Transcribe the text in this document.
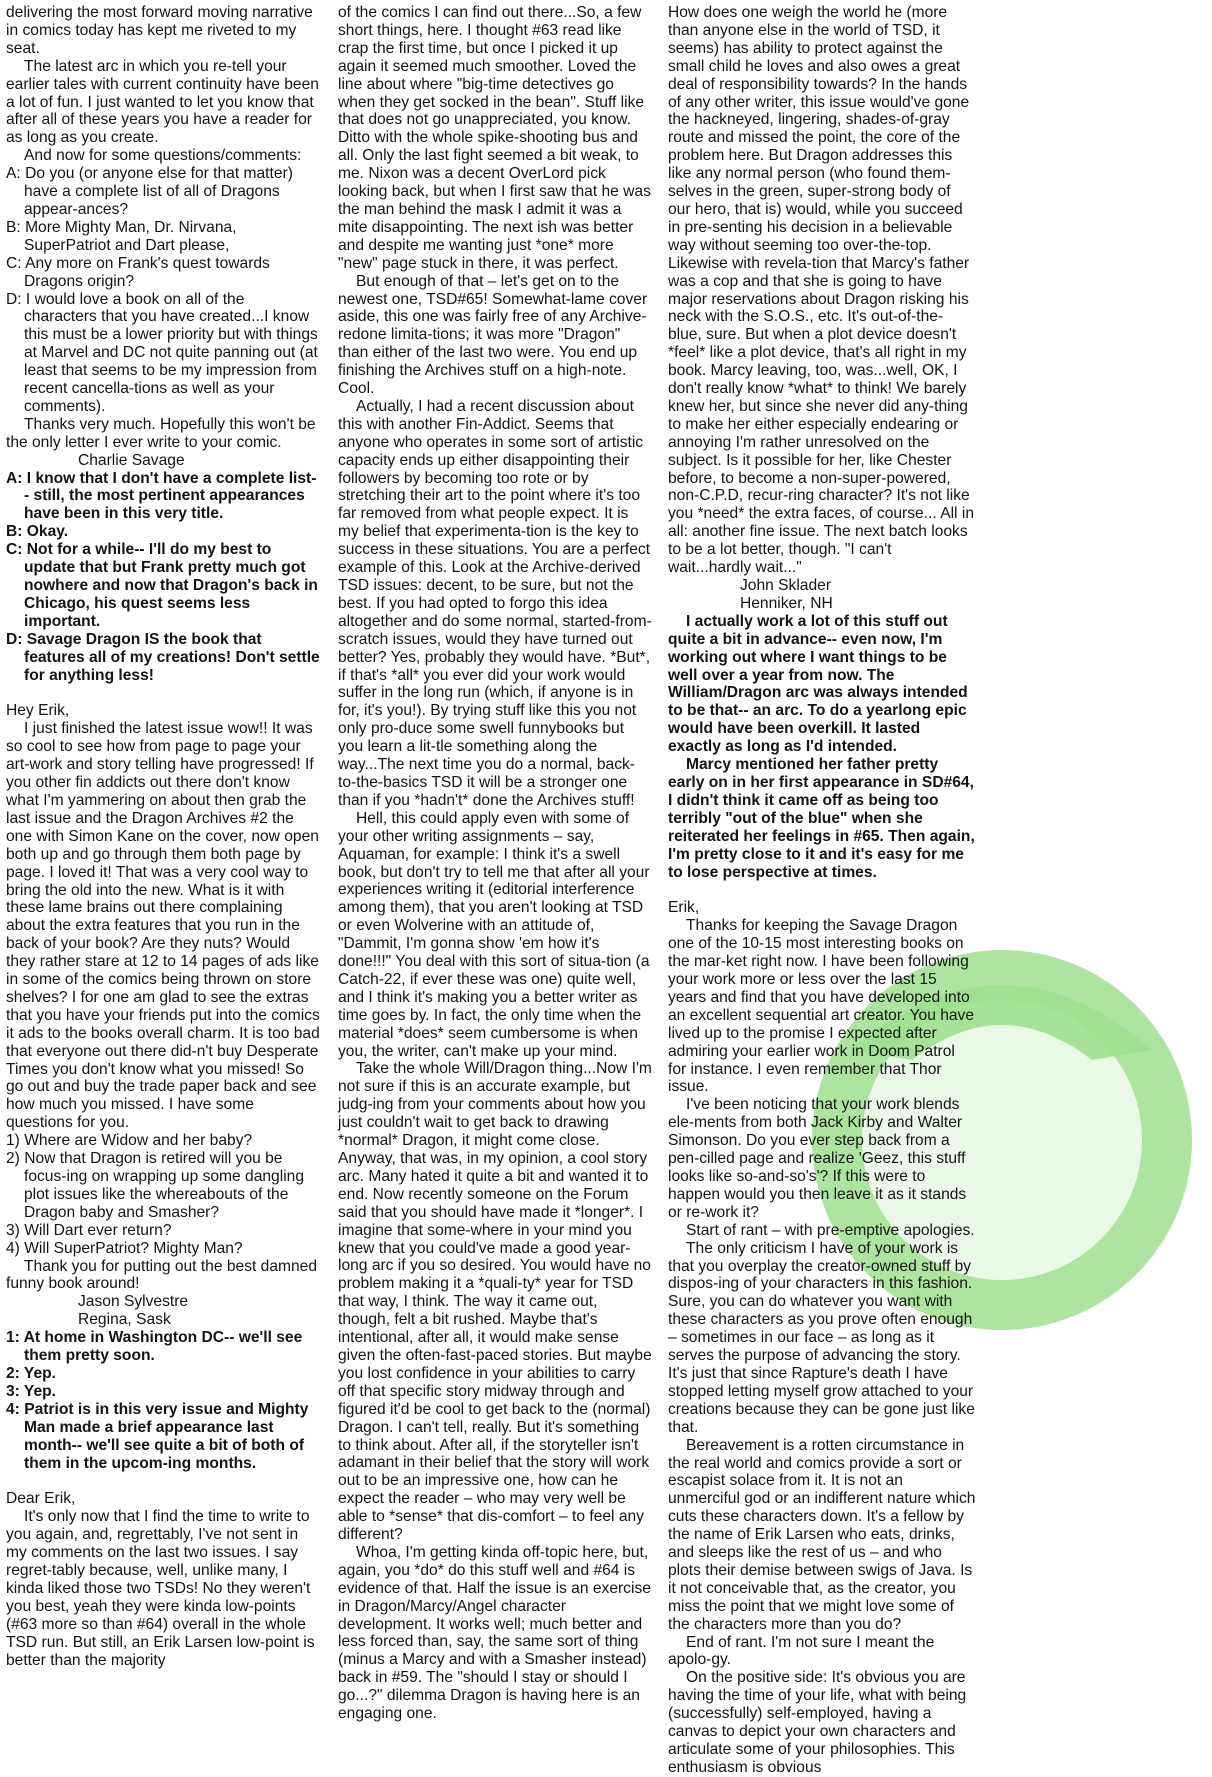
delivering the most forward moving narrative in comics today has kept me riveted to my seat.

The latest arc in which you re-tell your earlier tales with current continuity have been a lot of fun. I just wanted to let you know that after all of these years you have a reader for as long as you create.

And now for some questions/comments:

A: Do you (or anyone else for that matter) have a complete list of all of Dragons appear-ances?

B: More Mighty Man, Dr. Nirvana, SuperPatriot and Dart please,

C: Any more on Frank's quest towards Dragons origin?

D: I would love a book on all of the characters that you have created...I know this must be a lower priority but with things at Marvel and DC not quite panning out (at least that seems to be my impression from recent cancella-tions as well as your comments).

Thanks very much. Hopefully this won't be the only letter I ever write to your comic.

Charlie Savage

A: I know that I don't have a complete list-- still, the most pertinent appearances have been in this very title.

B: Okay.

C: Not for a while-- I'll do my best to update that but Frank pretty much got nowhere and now that Dragon's back in Chicago, his quest seems less important.

D: Savage Dragon IS the book that features all of my creations! Don't settle for anything less!

Hey Erik,

I just finished the latest issue wow!! It was so cool to see how from page to page your art-work and story telling have progressed! If you other fin addicts out there don't know what I'm yammering on about then grab the last issue and the Dragon Archives #2 the one with Simon Kane on the cover, now open both up and go through them both page by page. I loved it! That was a very cool way to bring the old into the new. What is it with these lame brains out there complaining about the extra features that you run in the back of your book? Are they nuts? Would they rather stare at 12 to 14 pages of ads like in some of the comics being thrown on store shelves? I for one am glad to see the extras that you have your friends put into the comics it ads to the books overall charm. It is too bad that everyone out there did-n't buy Desperate Times you don't know what you missed! So go out and buy the trade paper back and see how much you missed. I have some questions for you.

1) Where are Widow and her baby?

2) Now that Dragon is retired will you be focus-ing on wrapping up some dangling plot issues like the whereabouts of the Dragon baby and Smasher?

3) Will Dart ever return?

4) Will SuperPatriot? Mighty Man?

Thank you for putting out the best damned funny book around!

Jason Sylvestre

Regina, Sask

1: At home in Washington DC-- we'll see them pretty soon.

2: Yep.

3: Yep.

4: Patriot is in this very issue and Mighty Man made a brief appearance last month-- we'll see quite a bit of both of them in the upcom-ing months.

Dear Erik,

It's only now that I find the time to write to you again, and, regrettably, I've not sent in my comments on the last two issues. I say regret-tably because, well, unlike many, I kinda liked those two TSDs! No they weren't you best, yeah they were kinda low-points (#63 more so than #64) overall in the whole TSD run. But still, an Erik Larsen low-point is better than the majority

of the comics I can find out there...So, a few short things, here. I thought #63 read like crap the first time, but once I picked it up again it seemed much smoother. Loved the line about where "big-time detectives go when they get socked in the bean". Stuff like that does not go unappreciated, you know. Ditto with the whole spike-shooting bus and all. Only the last fight seemed a bit weak, to me. Nixon was a decent OverLord pick looking back, but when I first saw that he was the man behind the mask I admit it was a mite disappointing. The next ish was better and despite me wanting just *one* more "new" page stuck in there, it was perfect.

But enough of that – let's get on to the newest one, TSD#65! Somewhat-lame cover aside, this one was fairly free of any Archive-redone limita-tions; it was more "Dragon" than either of the last two were. You end up finishing the Archives stuff on a high-note. Cool.

Actually, I had a recent discussion about this with another Fin-Addict. Seems that anyone who operates in some sort of artistic capacity ends up either disappointing their followers by becoming too rote or by stretching their art to the point where it's too far removed from what people expect. It is my belief that experimenta-tion is the key to success in these situations. You are a perfect example of this. Look at the Archive-derived TSD issues: decent, to be sure, but not the best. If you had opted to forgo this idea altogether and do some normal, started-from-scratch issues, would they have turned out better? Yes, probably they would have. *But*, if that's *all* you ever did your work would suffer in the long run (which, if anyone is in for, it's you!). By trying stuff like this you not only pro-duce some swell funnybooks but you learn a lit-tle something along the way...The next time you do a normal, back-to-the-basics TSD it will be a stronger one than if you *hadn't* done the Archives stuff!

Hell, this could apply even with some of your other writing assignments – say, Aquaman, for example: I think it's a swell book, but don't try to tell me that after all your experiences writing it (editorial interference among them), that you aren't looking at TSD or even Wolverine with an attitude of, "Dammit, I'm gonna show 'em how it's done!!!" You deal with this sort of situa-tion (a Catch-22, if ever these was one) quite well, and I think it's making you a better writer as time goes by. In fact, the only time when the material *does* seem cumbersome is when you, the writer, can't make up your mind.

Take the whole Will/Dragon thing...Now I'm not sure if this is an accurate example, but judg-ing from your comments about how you just couldn't wait to get back to drawing *normal* Dragon, it might come close. Anyway, that was, in my opinion, a cool story arc. Many hated it quite a bit and wanted it to end. Now recently someone on the Forum said that you should have made it *longer*. I imagine that some-where in your mind you knew that you could've made a good year-long arc if you so desired. You would have no problem making it a *quali-ty* year for TSD that way, I think. The way it came out, though, felt a bit rushed. Maybe that's intentional, after all, it would make sense given the often-fast-paced stories. But maybe you lost confidence in your abilities to carry off that specific story midway through and figured it'd be cool to get back to the (normal) Dragon. I can't tell, really. But it's something to think about. After all, if the storyteller isn't adamant in their belief that the story will work out to be an impressive one, how can he expect the reader – who may very well be able to *sense* that dis-comfort – to feel any different?

Whoa, I'm getting kinda off-topic here, but, again, you *do* do this stuff well and #64 is evidence of that. Half the issue is an exercise in Dragon/Marcy/Angel character development. It works well; much better and less forced than, say, the same sort of thing (minus a Marcy and with a Smasher instead) back in #59. The "should I stay or should I go...?" dilemma Dragon is having here is an engaging one.

How does one weigh the world he (more than anyone else in the world of TSD, it seems) has ability to protect against the small child he loves and also owes a great deal of responsibility towards? In the hands of any other writer, this issue would've gone the hackneyed, lingering, shades-of-gray route and missed the point, the core of the problem here. But Dragon addresses this like any normal person (who found them-selves in the green, super-strong body of our hero, that is) would, while you succeed in pre-senting his decision in a believable way without seeming too over-the-top. Likewise with revela-tion that Marcy's father was a cop and that she is going to have major reservations about Dragon risking his neck with the S.O.S., etc. It's out-of-the-blue, sure. But when a plot device doesn't *feel* like a plot device, that's all right in my book. Marcy leaving, too, was...well, OK, I don't really know *what* to think! We barely knew her, but since she never did any-thing to make her either especially endearing or annoying I'm rather unresolved on the subject. Is it possible for her, like Chester before, to become a non-super-powered, non-C.P.D, recur-ring character? It's not like you *need* the extra faces, of course... All in all: another fine issue. The next batch looks to be a lot better, though. "I can't wait...hardly wait..."

John Sklader

Henniker, NH

I actually work a lot of this stuff out quite a bit in advance-- even now, I'm working out where I want things to be well over a year from now. The William/Dragon arc was always intended to be that-- an arc. To do a yearlong epic would have been overkill. It lasted exactly as long as I'd intended.

Marcy mentioned her father pretty early on in her first appearance in SD#64, I didn't think it came off as being too terribly "out of the blue" when she reiterated her feelings in #65. Then again, I'm pretty close to it and it's easy for me to lose perspective at times.

Erik,

Thanks for keeping the Savage Dragon one of the 10-15 most interesting books on the mar-ket right now. I have been following your work more or less over the last 15 years and find that you have developed into an excellent sequential art creator. You have lived up to the promise I expected after admiring your earlier work in Doom Patrol for instance. I even remember that Thor issue.

I've been noticing that your work blends ele-ments from both Jack Kirby and Walter Simonson. Do you ever step back from a pen-cilled page and realize 'Geez, this stuff looks like so-and-so's'? If this were to happen would you then leave it as it stands or re-work it?

Start of rant – with pre-emptive apologies.

The only criticism I have of your work is that you overplay the creator-owned stuff by dispos-ing of your characters in this fashion. Sure, you can do whatever you want with these characters as you prove often enough – sometimes in our face – as long as it serves the purpose of advancing the story. It's just that since Rapture's death I have stopped letting myself grow attached to your creations because they can be gone just like that.

Bereavement is a rotten circumstance in the real world and comics provide a sort or escapist solace from it. It is not an unmerciful god or an indifferent nature which cuts these characters down. It's a fellow by the name of Erik Larsen who eats, drinks, and sleeps like the rest of us – and who plots their demise between swigs of Java. Is it not conceivable that, as the creator, you miss the point that we might love some of the characters more than you do?

End of rant. I'm not sure I meant the apolo-gy.

On the positive side: It's obvious you are having the time of your life, what with being (successfully) self-employed, having a canvas to depict your own characters and articulate some of your philosophies. This enthusiasm is obvious
